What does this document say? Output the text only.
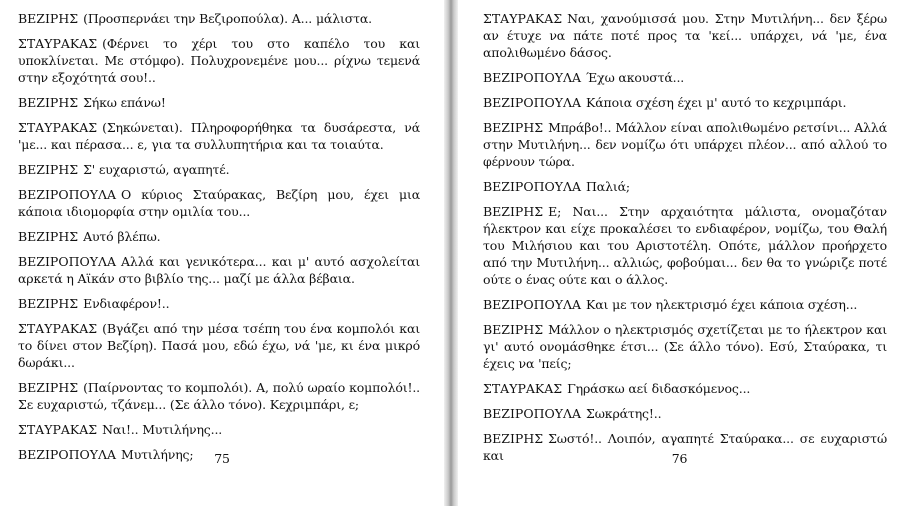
ΒΕΖΙΡΗΣ (Προσπερνάει την Βεζιροπούλα). Α... μάλιστα.

ΣΤΑΥΡΑΚΑΣ (Φέρνει το χέρι του στο καπέλο του και υποκλίνεται. Με στόμφο). Πολυχρονεμένε μου... ρίχνω τεμενά στην εξοχότητά σου!..

ΒΕΖΙΡΗΣ Σήκω επάνω!

ΣΤΑΥΡΑΚΑΣ (Σηκώνεται). Πληροφορήθηκα τα δυσάρεστα, νά 'με... και πέρασα... ε, για τα συλλυπητήρια και τα τοιαύτα.

ΒΕΖΙΡΗΣ Σ' ευχαριστώ, αγαπητέ.

ΒΕΖΙΡΟΠΟΥΛΑ Ο κύριος Σταύρακας, Βεζίρη μου, έχει μια κάποια ιδιομορφία στην ομιλία του...

ΒΕΖΙΡΗΣ Αυτό βλέπω.

ΒΕΖΙΡΟΠΟΥΛΑ Αλλά και γενικότερα... και μ' αυτό ασχολείται αρκετά η Αϊκάν στο βιβλίο της... μαζί με άλλα βέβαια.

ΒΕΖΙΡΗΣ Ενδιαφέρον!..

ΣΤΑΥΡΑΚΑΣ (Βγάζει από την μέσα τσέπη του ένα κομπολόι και το δίνει στον Βεζίρη). Πασά μου, εδώ έχω, νά 'με, κι ένα μικρό δωράκι...

ΒΕΖΙΡΗΣ (Παίρνοντας το κομπολόι). Α, πολύ ωραίο κομπολόι!.. Σε ευχαριστώ, τζάνεμ... (Σε άλλο τόνο). Κεχριμπάρι, ε;

ΣΤΑΥΡΑΚΑΣ Ναι!.. Μυτιλήνης...

ΒΕΖΙΡΟΠΟΥΛΑ Μυτιλήνης;	75

ΣΤΑΥΡΑΚΑΣ Ναι, χανούμισσά μου. Στην Μυτιλήνη... δεν ξέρω αν έτυχε να πάτε ποτέ προς τα 'κεί... υπάρχει, νά 'με, ένα απολιθωμένο δάσος.

ΒΕΖΙΡΟΠΟΥΛΑ Έχω ακουστά...

ΒΕΖΙΡΟΠΟΥΛΑ Κάποια σχέση έχει μ' αυτό το κεχριμπάρι.

ΒΕΖΙΡΗΣ Μπράβο!.. Μάλλον είναι απολιθωμένο ρετσίνι... Αλλά στην Μυτιλήνη... δεν νομίζω ότι υπάρχει πλέον... από αλλού το φέρνουν τώρα.

ΒΕΖΙΡΟΠΟΥΛΑ Παλιά;

ΒΕΖΙΡΗΣ Ε; Ναι... Στην αρχαιότητα μάλιστα, ονομαζόταν ήλεκτρον και είχε προκαλέσει το ενδιαφέρον, νομίζω, του Θαλή του Μιλήσιου και του Αριστοτέλη. Οπότε, μάλλον προήρχετο από την Μυτιλήνη... αλλιώς, φοβούμαι... δεν θα το γνώριζε ποτέ ούτε ο ένας ούτε και ο άλλος.

ΒΕΖΙΡΟΠΟΥΛΑ Και με τον ηλεκτρισμό έχει κάποια σχέση...

ΒΕΖΙΡΗΣ Μάλλον ο ηλεκτρισμός σχετίζεται με το ήλεκτρον και γι' αυτό ονομάσθηκε έτσι... (Σε άλλο τόνο). Εσύ, Σταύρακα, τι έχεις να 'πείς;

ΣΤΑΥΡΑΚΑΣ Γηράσκω αεί διδασκόμενος...

ΒΕΖΙΡΟΠΟΥΛΑ Σωκράτης!..

ΒΕΖΙΡΗΣ Σωστό!.. Λοιπόν, αγαπητέ Σταύρακα... σε ευχαριστώ και	76
